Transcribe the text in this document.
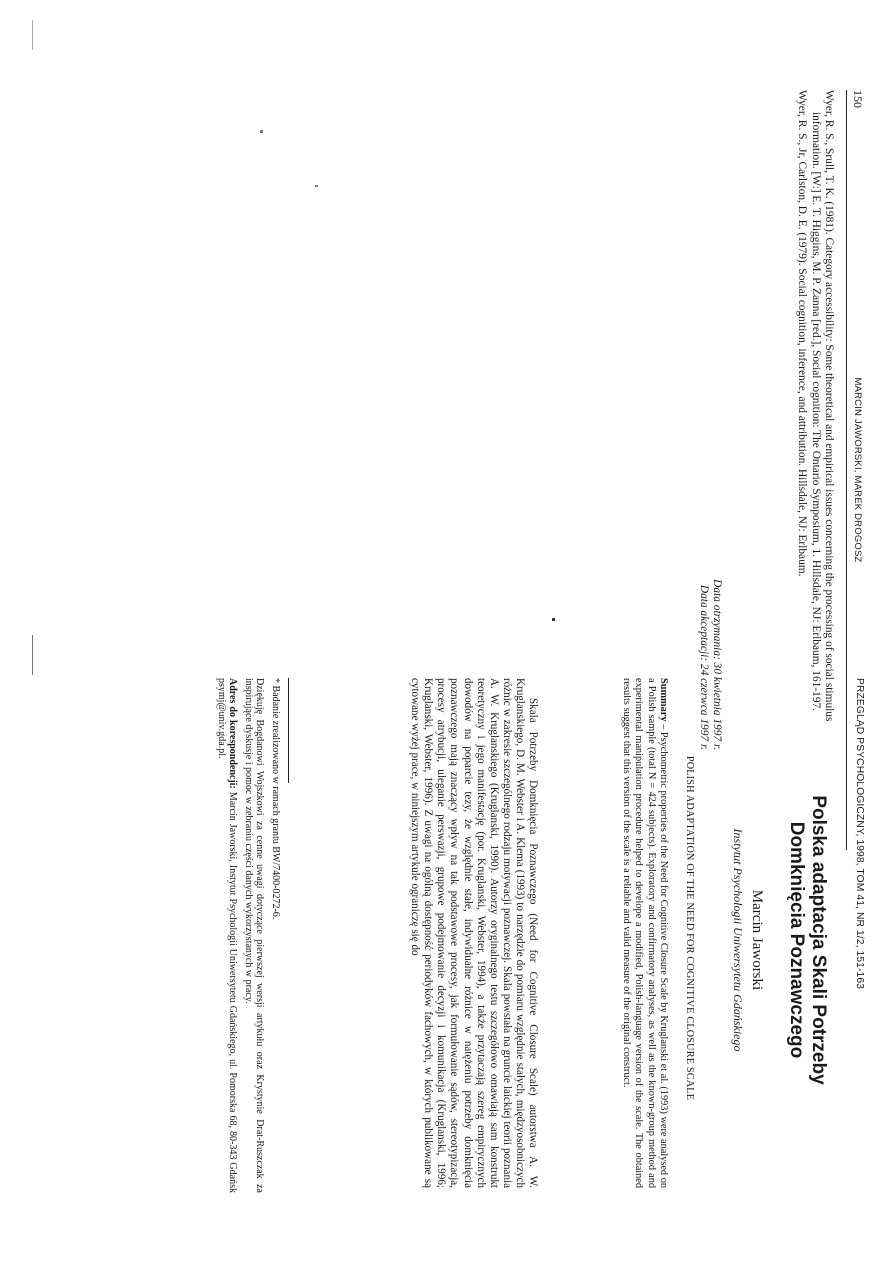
150
MARCIN JAWORSKI, MAREK DROGOSZ

Wyer, R. S., Srull, T. K. (1981). Category accessibility: Some theoretical and empirical issues concerning the processing of social stimulus information. [W:] E. T. Higgins, M. P. Zanna [red.], Social cognition: The Ontario Symposium, 1. Hillsdale, NJ: Erlbaum, 161-197.

Wyer, R. S., Jr, Carlston, D. E. (1979). Social cognition, inference, and attribution. Hillsdale, NJ: Erlbaum.

Data otrzymania: 30 kwietnia 1997 r.
Data akceptacji: 24 czerwca 1997 r.
PRZEGLĄD PSYCHOLOGICZNY, 1998, TOM 41, NR 1/2, 151-163
Polska adaptacja Skali Potrzeby
Domknięcia Poznawczego
Marcin Jaworski
Instytut Psychologii Uniwersytetu Gdańskiego
POLISH ADAPTATION OF THE NEED FOR COGNITIVE CLOSURE SCALE

Summary – Psychometric properties of the Need for Cognitive Closure Scale by Kruglanski et al. (1993) were analysed on a Polish sample (total N = 424 subjects). Exploratory and confirmatory analyses, as well as the known-group method and experimental manipulation procedure helped to develope a modified, Polish-language version of the scale. The obtained results suggest that this version of the scale is a reliable and valid measure of the original construct.

Skala Potrzeby Domknięcia Poznawczego (Need for Cognitive Closure Scale) autorstwa A. W. Kruglanskiego, D. M. Webster i A. Klema (1993) to narzędzie do pomiaru względnie stałych, międzyosobniczych różnic w zakresie szczególnego rodzaju motywacji poznawczej. Skala powstała na gruncie laickiej teorii poznania A. W. Kruglanskiego (Kruglanski, 1990). Autorzy oryginalnego testu szczegółowo omawiają sam konstrukt teoretyczny i jego manifestację (por. Kruglanski, Webster, 1994), a także przytaczają szereg empirycznych dowodów na poparcie tezy, że względnie stałe, indywidualne różnice w natężeniu potrzeby domknięcia poznawczego mają znaczący wpływ na tak podstawowe procesy, jak formułowanie sądów, stereotypizacja, procesy atrybucji, uleganie perswazji, grupowe podejmowanie decyzji i komunikacja (Kruglanski, 1996; Kruglanski, Webster, 1996). Z uwagi na ogólną dostępność periodyków fachowych, w których publikowane są cytowane wyżej prace, w niniejszym artykule ograniczę się do

* Badanie zrealizowano w ramach grantu BW/7400-0272-6.

Dziękuję Bogdanowi Wojszkowi za cenne uwagi dotyczące pierwszej wersji artykułu oraz Krystynie Drat-Ruszczak za inspirujące dyskusje i pomoc w zebraniu części danych wykorzystanych w pracy.

Adres do korespondencji: Marcin Jaworski, Instytut Psychologii Uniwersytetu Gdańskiego, ul. Pomorska 68, 80-343 Gdańsk psymj@univ.gda.pl.
